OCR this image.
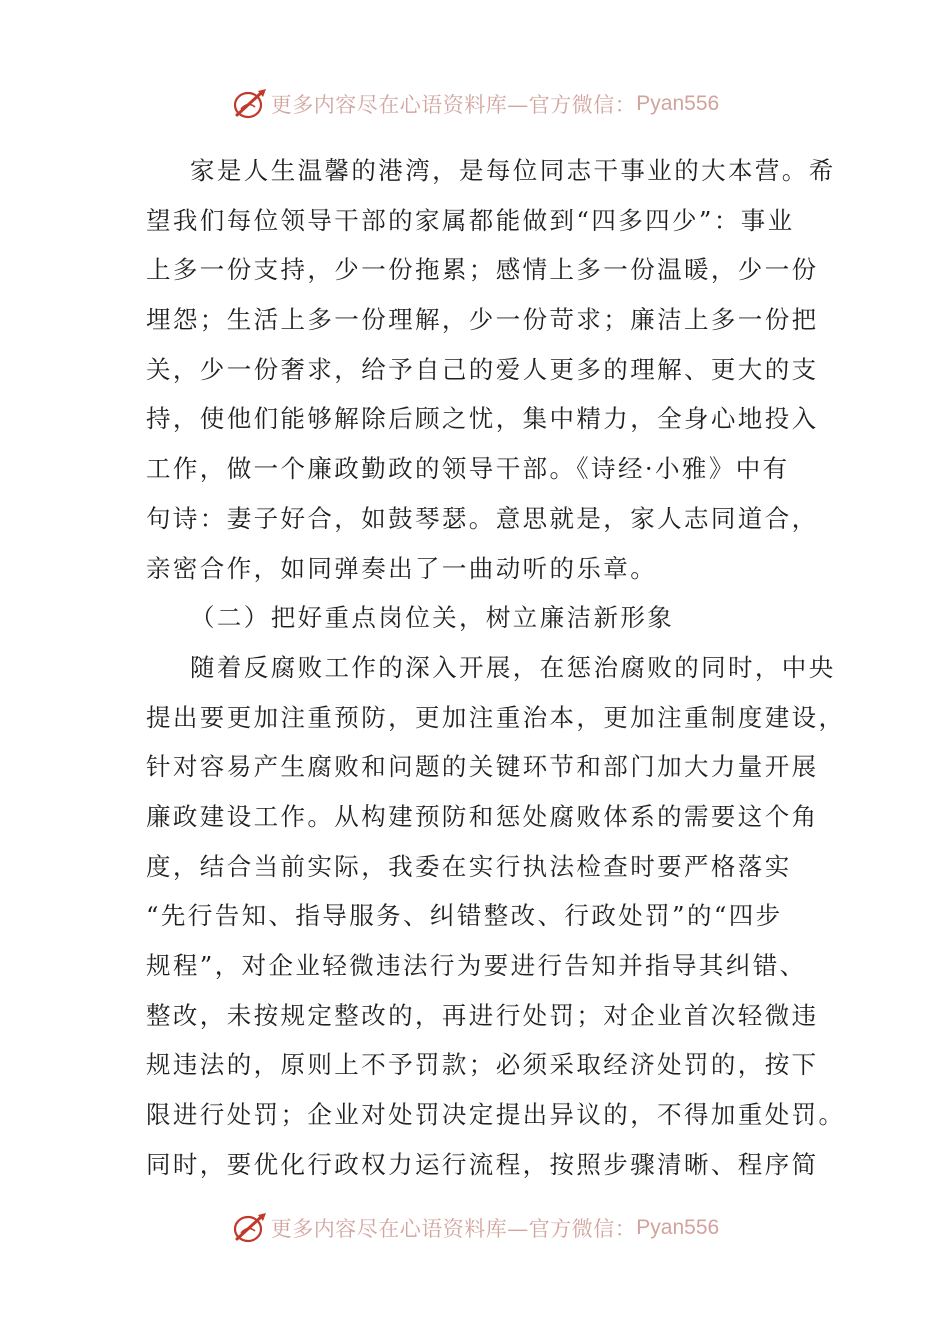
更多内容尽在心语资料库—官方微信： Pyan556
家是人生温馨的港湾，是每位同志干事业的大本营。希
望我们每位领导干部的家属都能做到“四多四少”：事业
上多一份支持，少一份拖累；感情上多一份温暖，少一份
埋怨；生活上多一份理解，少一份苛求；廉洁上多一份把
关，少一份奢求，给予自己的爱人更多的理解、更大的支
持，使他们能够解除后顾之忧，集中精力，全身心地投入
工作，做一个廉政勤政的领导干部。《诗经·小雅》中有
句诗：妻子好合，如鼓琴瑟。意思就是，家人志同道合，
亲密合作，如同弹奏出了一曲动听的乐章。
（二）把好重点岗位关，树立廉洁新形象
随着反腐败工作的深入开展，在惩治腐败的同时，中央
提出要更加注重预防，更加注重治本，更加注重制度建设，
针对容易产生腐败和问题的关键环节和部门加大力量开展
廉政建设工作。从构建预防和惩处腐败体系的需要这个角
度，结合当前实际，我委在实行执法检查时要严格落实
“先行告知、指导服务、纠错整改、行政处罚”的“四步
规程”，对企业轻微违法行为要进行告知并指导其纠错、
整改，未按规定整改的，再进行处罚；对企业首次轻微违
规违法的，原则上不予罚款；必须采取经济处罚的，按下
限进行处罚；企业对处罚决定提出异议的，不得加重处罚。
同时，要优化行政权力运行流程，按照步骤清晰、程序简
更多内容尽在心语资料库—官方微信： Pyan556
